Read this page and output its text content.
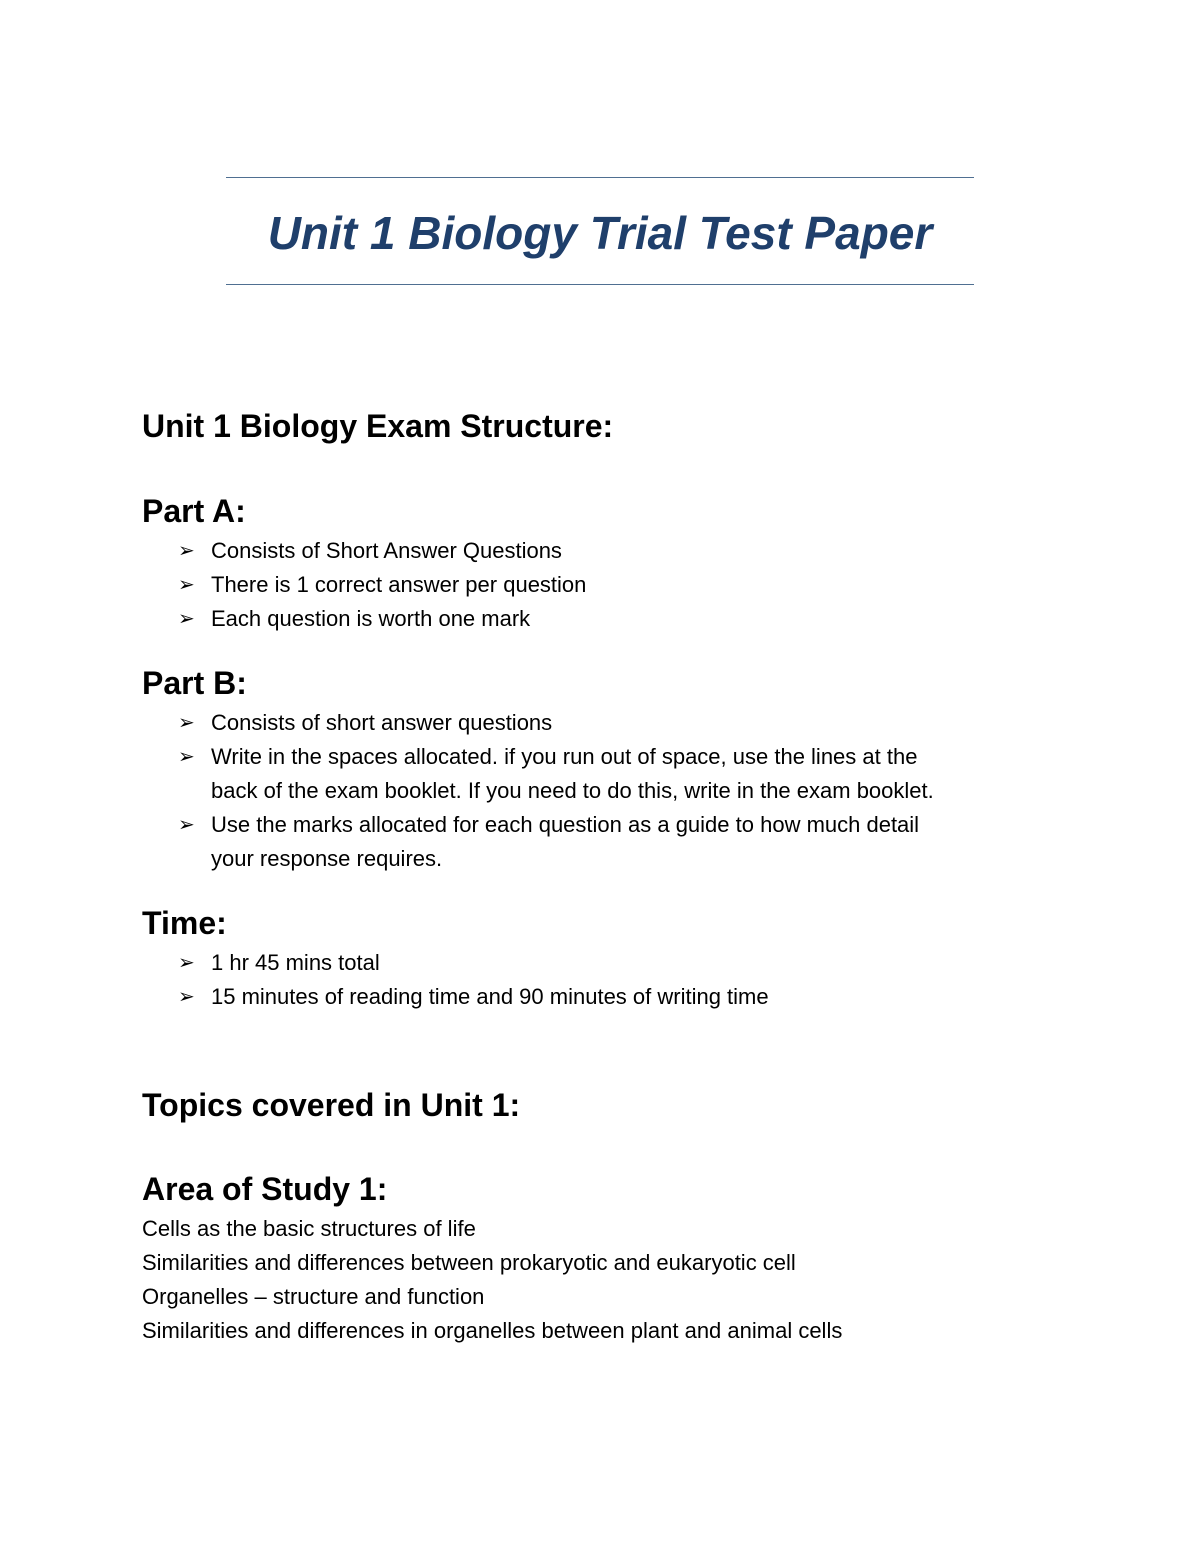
Unit 1 Biology Trial Test Paper
Unit 1 Biology Exam Structure:
Part A:
➢ Consists of Short Answer Questions
➢ There is 1 correct answer per question
➢ Each question is worth one mark
Part B:
➢ Consists of short answer questions
➢ Write in the spaces allocated. if you run out of space, use the lines at the
back of the exam booklet. If you need to do this, write in the exam booklet.
➢ Use the marks allocated for each question as a guide to how much detail
your response requires.
Time:
➢ 1 hr 45 mins total
➢ 15 minutes of reading time and 90 minutes of writing time
Topics covered in Unit 1:
Area of Study 1:

Cells as the basic structures of life

Similarities and differences between prokaryotic and eukaryotic cell

Organelles – structure and function

Similarities and differences in organelles between plant and animal cells
